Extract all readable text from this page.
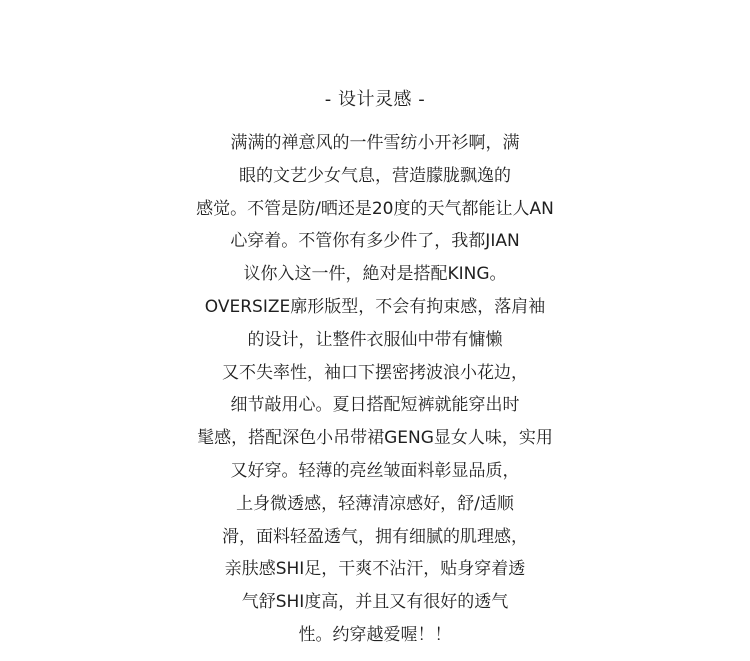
- 设计灵感 -
满满的禅意风的一件雪纺小开衫啊，满
眼的文艺少女气息，营造朦胧飘逸的
感觉。不管是防/晒还是20度的天气都能让人AN
心穿着。不管你有多少件了，我都JIAN
议你入这一件，絶对是搭配KING。
OVERSIZE廓形版型，不会有拘束感，落肩袖
的设计，让整件衣服仙中带有慵懒
又不失率性，袖口下摆密拷波浪小花边，
细节敲用心。夏日搭配短裤就能穿出时
髦感，搭配深色小吊带裙GENG显女人味，实用
又好穿。轻薄的亮丝皱面料彰显品质，
上身微透感，轻薄清凉感好，舒/适顺
滑，面料轻盈透气，拥有细腻的肌理感，
亲肤感SHI足，干爽不沾汗，贴身穿着透
气舒SHI度高，并且又有很好的透气
性。约穿越爱喔！！
